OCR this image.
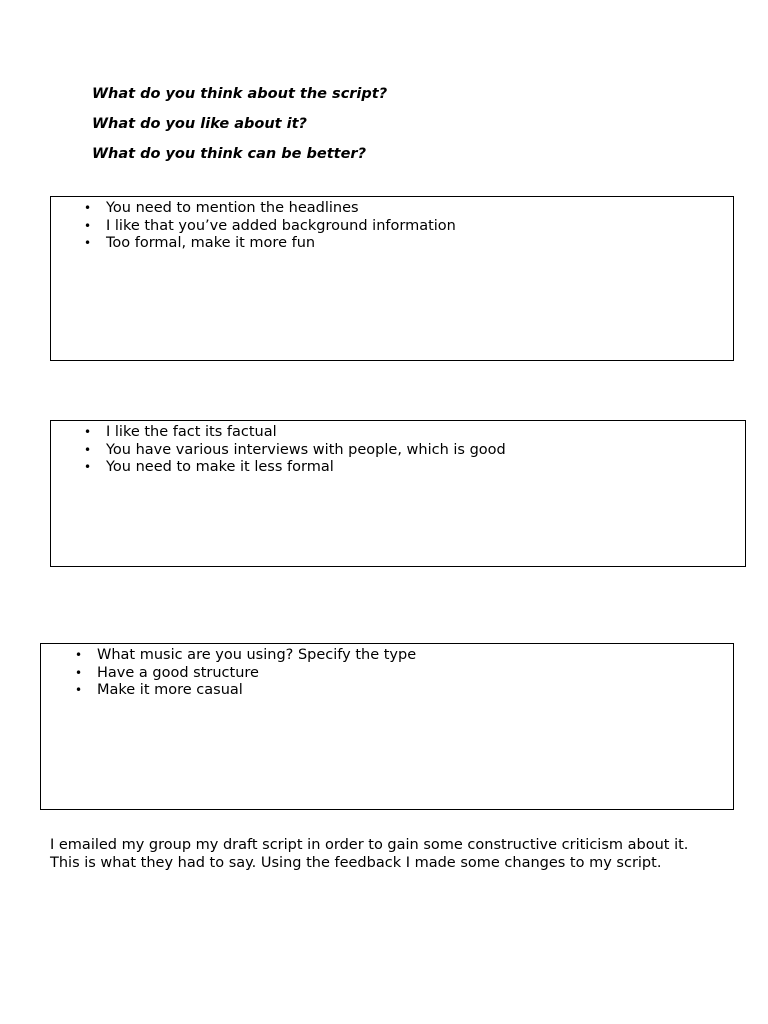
What do you think about the script?
What do you like about it?
What do you think can be better?
• You need to mention the headlines
• I like that you’ve added background information
• Too formal, make it more fun
• I like the fact its factual
• You have various interviews with people, which is good
• You need to make it less formal
• What music are you using? Specify the type
• Have a good structure
• Make it more casual
I emailed my group my draft script in order to gain some constructive criticism about it.
This is what they had to say. Using the feedback I made some changes to my script.
